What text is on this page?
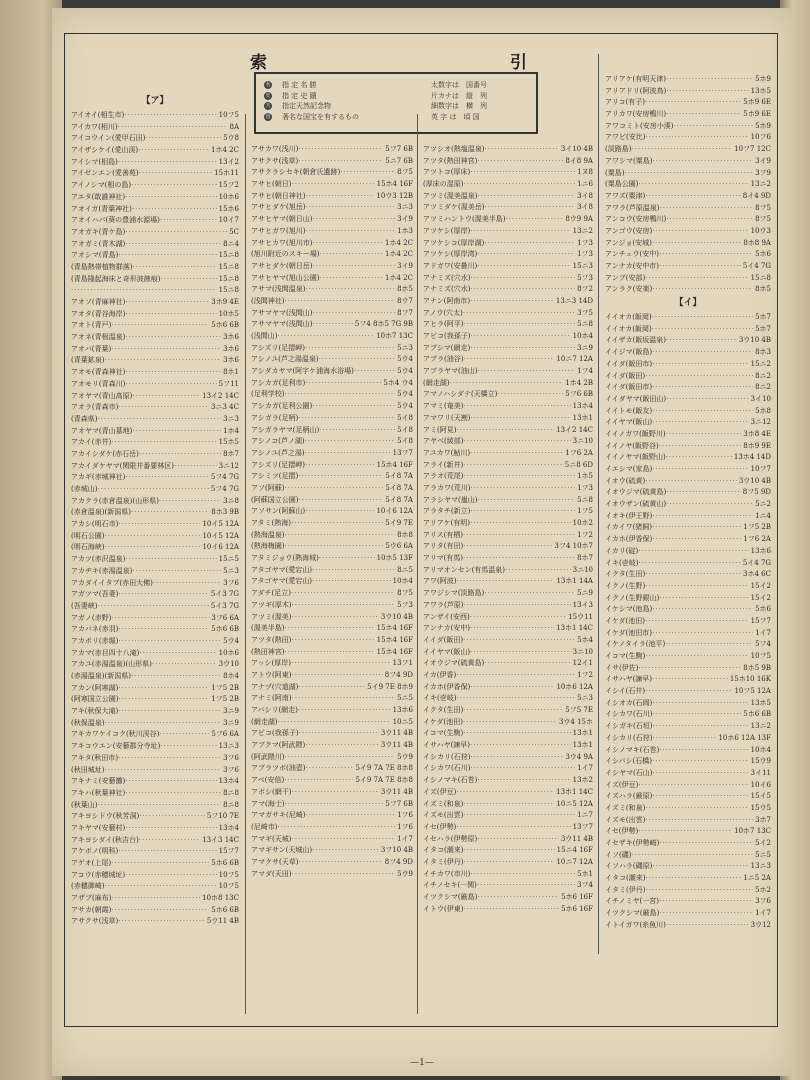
索	引
名 指 定 名 勝
史 指 定 史 蹟
天 指定天然記念物
国 著名な国宝を有するもの
太数字は　国番号
片カナは　縦　列
細数字は　横　列
英 字 は　頃 国
【ア】
アイオイ(相生市) ·····	10フ5
アイカワ(相川) ·····	8A
アイコウイン(愛甲石田) ·····	5ウ8
アイザシケイ(愛山渓) ·····	1ホ4 2C
アイシマ(相島) ·····	13イ2
アイゼンエン(愛善苑) ·····	15ホ11
アイノシマ(相の島) ·····	15フ2
アエタ(敢誰神社) ·····	10ホ6
アオイガ(青葉神社) ·····	15ホ6
アオイハバ(葵の豊浦水源場) ·····	10イ7
アオガキ(青ケ島) ·····	5C
アオガミ(青木湖) ·····	8ニ4
アオシマ(青島) ·····	15ニ8
(青島熱帯植物群落) ·····	15ニ8
(青島隆起海床と奇形波蝕痕) ·····	15ニ8
·····
15ニ8
アオソ(青麻神社) ·····	3ホ9 4E
アオタ(青谷海岸) ·····	10ホ5
アオト(青戸) ·····	5ホ6 6B
アオネ(青根温泉) ·····	3ホ6
アオバ(青葉) ·····	3ホ6
(青葉鉱泉) ·····	3ホ6
アオモ(青森神社) ·····	8ホ1
アオモリ(青森川) ·····	5フ11
アオヤマ(青山高原) ·····	13イ2 14C
アオラ(青森市) ·····	3ニ3 4C
(青森県) ·····	3ニ3
アオヤマ(青山墓地) ·····	1ホ4
アカイ(赤井) ·····	15ホ5
アカイシダケ(赤石岳) ·····	8ホ7
アカイダケヤマ(関限井番要林区) ·····	3ニ12
アカギ(赤城神社) ·····	5フ4 7G
(赤城山) ·····	5フ4 7G
アカクラ(赤倉温泉)(山形県) ·····	3ニ8
(赤倉温泉)(新潟県) ·····	8ホ3 9B
アカシ(明石市) ·····	10イ5 12A
(明石公園) ·····	10イ5 12A
(明石海峡) ·····	10イ6 12A
アカツ(赤沢温泉) ·····	15ニ5
アカヂキ(赤湯温泉) ·····	5ニ3
アカダイイタブ(赤田大佛) ·····	3フ6
アガツマ(吾妻) ·····	5イ3 7G
(吾妻峡) ·····	5イ3 7G
アガノ(赤野) ·····	3フ6 6A
アカバネ(赤羽) ·····	5ホ6 6B
アカボリ(赤堀) ·····	5ウ4
アカマ(赤目四十八滝) ·····	10ホ6
アカユ(赤湯温泉)(山形県) ·····	3ウ10
(赤湯温泉)(新潟県) ·····	8ホ4
アカン(阿寒湖) ·····	1フ5 2B
(阿寒国立公園) ·····	1フ5 2B
アキ(秋保大滝) ·····	3ニ9
(秋保温泉) ·····	3ニ9
アキカワケイコク(秋川渓谷) ·····	5フ6 6A
アキコウエン(安藝郡分寺址) ·····	13ニ3
アキタ(秋田市) ·····	3フ6
(秋田城址) ·····	3フ6
アキナミ(安藝灘) ·····	13ホ4
アキハ(秋葉神社) ·····	8ニ8
(秋葉山) ·····	8ニ8
アキヨシドウ(秋芳洞) ·····	5フ10 7E
アキヤマ(安藝村) ·····	13ホ4
アキヨシダイ(秋吉台) ·····	13イ3 14C
アケボノ(明科) ·····	15フ7
アゲオ(上尾) ·····	5ホ6 6B
アコウ(赤穂城址) ·····	10フ5
(赤穂御崎) ·····	10フ5
アザブ(麻布) ·····	10ホ8 13C
アサカ(朝霞) ·····	5ホ6 6B
アサクサ(浅草) ·····	5ウ11 4B
アサカワ(浅川) ·····	5フ7 6B
アサクサ(浅草) ·····	5ニ7 6B
アサクラシセキ(朝倉氏遺跡) ·····	8フ5
アサヒ(朝日) ·····	15ホ4 16F
アサヒ(朝日神社) ·····	10ウ3 12B
アサヒダケ(旭岳) ·····	3ニ3
アサヒヤマ(朝日山) ·····	3イ9
アサヒガワ(旭川) ·····	1ホ3
アサヒカワ(旭川市) ·····	1ホ4 2C
(旭川附近のスキー場) ·····	1ホ4 2C
アサヒダケ(朝日岳) ·····	3イ9
アサヒヤマ(旭山公園) ·····	1ホ4 2C
アサマ(浅間温泉) ·····	8ホ5
(浅間神社) ·····	8ウ7
アサマヤマ(浅間山) ·····	8フ7
アサマヤマ(浅間山) ·····	5フ4 8ホ5 7G 9B
(浅間山) ·····	10ホ7 13C
アシズリ(足摺岬) ·····	5ニ3
アシノユ(芦之湯温泉) ·····	5ウ4
アシダカヤマ(阿字ケ浦海水浴場) ·····	5ウ4
アシカガ(足利市) ·····	5ホ4 ウ4
(足利学校) ·····	5ウ4
アシカガ(足利公園) ·····	5ウ4
アシガラ(足柄) ·····	5イ8
アシガラヤマ(足柄山) ·····	5イ8
アシノコ(芦ノ湖) ·····	5イ8
アシノユ(芦之湯) ·····	13フ7
アシズリ(足摺岬) ·····	15ホ4 16F
アシミツ(足摺) ·····	5イ8 7A
アソ(阿蘇) ·····	5イ8 7A
(阿蘇国立公園) ·····	5イ8 7A
アソサン(阿蘇山) ·····	10イ6 12A
アタミ(熱海) ·····	5イ9 7E
(熱海温泉) ·····	8ホ8
(熱海梅園) ·····	5ウ6 6A
アタミジョウ(熱海城) ·····	10ホ5 13F
アタゴヤマ(愛宕山) ·····	8ニ5
アタゴヤマ(愛宕山) ·····	10ホ4
アダチ(足立) ·····	8フ5
アツギ(厚木) ·····	5フ3
アツミ(渥美) ·····	3ウ10 4B
(渥美半島) ·····	15ホ4 16F
アツタ(熱田) ·····	15ホ4 16F
(熱田神宮) ·····	15ホ4 16F
アッシ(厚岸) ·····	13フ1
アトウ(阿東) ·····	8フ4 9D
アナヅ(穴道湖) ·····	5イ9 7E 8ホ9
アナミ(阿南) ·····	5ニ5
アバシリ(網走) ·····	13ホ6
(網走湖) ·····	10ニ5
アビコ(我孫子) ·····	3ウ11 4B
アブクマ(阿武隈) ·····	3ウ11 4B
(阿武隈川) ·····	5ウ9
アブラツボ(油壺) ·····	5イ9 7A 7E 8ホ8
アベ(安倍) ·····	5イ9 7A 7E 8ホ8
アボシ(網干) ·····	3ウ11 4B
アマ(海士) ·····	5フ7 6B
アマガサキ(尼崎) ·····	1フ6
(尼崎市) ·····	1フ6
アマギ(天城) ·····	1イ7
アマギサン(天城山) ·····	3フ10 4B
アマクサ(天草) ·····	8フ4 9D
アマダ(天田) ·····	5ウ9
アツシオ(熱塩温泉) ·····	3イ10 4B
アツタ(熱田神宮) ·····	8イ8 9A
アツトコ(厚床) ·····	1ヌ8
(厚床の湿原) ·····	1ニ6
アツミ(渥美温泉) ·····	3イ8
アツミダケ(渥美岳) ·····	3イ8
アツミハントウ(渥美半島) ·····	8ウ9 9A
アツケシ(厚岸) ·····	13ニ2
アツケシコ(厚岸湖) ·····	1フ3
アツケシ(厚岸湾) ·····	1フ3
アドガワ(安曇川) ·····	15ニ3
アナミズ(穴水) ·····	5フ3
アナミズ(穴水) ·····	8フ2
アナン(阿南市) ·····	13ニ3 14D
アノウ(穴太) ·····	3フ5
アヒラ(阿平) ·····	5ニ8
アビコ(我孫子) ·····	10ホ4
アブシマ(網走) ·····	3ニ9
アブラ(油谷) ·····	10ニ7 12A
アブラヤマ(油山) ·····	1フ4
(網走湖) ·····	1ホ4 2B
アマノハシダテ(天橋立) ·····	5フ6 6B
アマミ(奄美) ·····	13ホ4
アマワリ(天割) ·····	13ホ1
アミ(阿見) ·····	13イ2 14C
アヤベ(綾部) ·····	3ニ10
アユカワ(鮎川) ·····	1フ6 2A
アライ(新井) ·····	5ニ8 6D
アラオ(荒尾) ·····	1ホ5
アラカワ(荒川) ·····	1フ3
アラシヤマ(嵐山) ·····	5ニ8
アラタチ(新立) ·····	1フ5
アリアケ(有明) ·····	10ホ2
アリス(有栖) ·····	1フ2
アリタ(有田) ·····	3フ4 10ホ7
アリマ(有馬) ·····	8ホ7
アリマオンセン(有馬温泉) ·····	3ニ10
アワ(阿波) ·····	13ホ1 14A
アワジシマ(淡路島) ·····	5ニ9
アワラ(芦原) ·····	13イ3
アンザイ(安西) ·····	15ウ11
アンナカ(安中) ·····	13ホ1 14C
イイダ(飯田) ·····	5ホ4
イイヤマ(飯山) ·····	3ニ10
イオウジマ(硫黄島) ·····	12イ1
イカ(伊香) ·····	1フ2
イカホ(伊香保) ·····	10ホ6 12A
イキ(壱岐) ·····	5ニ3
イクタ(生田) ·····	5フ5 7E
イケダ(池田) ·····	3ウ4 15ホ
イコマ(生駒) ·····	13ホ1
イサハヤ(諫早) ·····	13ホ1
イシカリ(石狩) ·····	3ウ4 9A
イシカワ(石川) ·····	1イ7
イシノマキ(石巻) ·····	13ホ2
イズ(伊豆) ·····	13ホ1 14C
イズミ(和泉) ·····	10ニ5 12A
イズモ(出雲) ·····	1ニ7
イセ(伊勢) ·····	13フ7
イセハラ(伊勢原) ·····	3ウ11 4B
イタコ(潮来) ·····	15ニ4 16F
イタミ(伊丹) ·····	10ニ7 12A
イチカワ(市川) ·····	5ホ1
イチノセキ(一関) ·····	3フ4
イツクシマ(厳島) ·····	5ホ6 16F
イトウ(伊東) ·····	5ホ6 16F
アリアケ(有明天津) ·····	5ホ9
アリアドリ(阿波鳥) ·····	13ホ5
アリコ(有子) ·····	5ホ9 6E
アリカワ(安房鴨川) ·····	5ホ9 6E
アワコミト(安房小湊) ·····	5ホ9
アワビ(安比) ·····	10フ6
(淡路島) ·····	10フ7 12C
アワシマ(粟島) ·····	3イ9
(粟島) ·····	3フ9
(粟島公園) ·····	13ニ2
アワズ(粟津) ·····	8イ4 9D
アワラ(芦原温泉) ·····	8フ5
アンコウ(安房鴨川) ·····	8フ5
アンゴウ(安房) ·····	10ウ3
アンジョ(安城) ·····	8ホ8 9A
アンチュウ(安中) ·····	5ホ6
アンナカ(安中市) ·····	5イ4 7G
アンブ(安部) ·····	15ニ8
アンラク(安楽) ·····	8ホ5
【イ】
イイオカ(飯岡) ·····	5ホ7
イイオカ(飯岡) ·····	5ホ7
イイザカ(飯坂温泉) ·····	3ウ10 4B
イイジマ(飯島) ·····	8ホ3
イイダ(飯田市) ·····	15ニ2
イイダ(飯田) ·····	8ニ2
イイダ(飯田市) ·····	8ニ2
イイダヤマ(飯田山) ·····	3イ10
イイトモ(飯友) ·····	5ホ8
イイヤマ(飯山) ·····	3ニ12
イイノガワ(飯野川) ·····	3ホ8 4E
イイノヤ(飯野谷) ·····	8ホ9 9E
イイノヤマ(飯野山) ·····	13ホ4 14D
イエシマ(家島) ·····	10フ7
イオウ(硫黄) ·····	3ウ10 4B
イオウジマ(硫黄島) ·····	8フ5 9D
イオウザン(硫黄山) ·····	5ニ2
イオキ(伊王野) ·····	1ニ4
イカイワ(猪飼) ·····	1フ5 2B
イカホ(伊香保) ·····	1フ6 2A
イカリ(碇) ·····	13ホ6
イキ(壱岐) ·····	5イ4 7G
イクタ(生田) ·····	3ホ4 6C
イクノ(生野) ·····	15イ2
イクノ(生野銀山) ·····	15イ2
イケシマ(池島) ·····	5ホ6
イケダ(池田) ·····	15フ7
イケダ(池田市) ·····	1イ7
イケノタイラ(池平) ·····	5フ4
イコマ(生駒) ·····	10フ5
イサ(伊佐) ·····	8ホ5 9B
イサハヤ(諫早) ·····	15ホ10 16K
イシイ(石井) ·····	10フ5 12A
イシオカ(石岡) ·····	13ホ5
イシカワ(石川) ·····	5ホ6 6B
イシガキ(石垣) ·····	13ニ2
イシカリ(石狩) ·····	10ホ6 12A 13F
イシノマキ(石巻) ·····	10ホ4
イシバシ(石橋) ·····	15ウ9
イシヤマ(石山) ·····	3イ11
イズ(伊豆) ·····	10イ6
イズハラ(厳原) ·····	15イ5
イズミ(和泉) ·····	15ウ5
イズモ(出雲) ·····	3ホ7
イセ(伊勢) ·····	10ホ7 13C
イセザキ(伊勢崎) ·····	5イ2
イソ(磯) ·····	5ニ5
イソハラ(磯原) ·····	13ニ3
イタコ(潮来) ·····	1ニ5 2A
イタミ(伊丹) ·····	5ホ2
イチノミヤ(一宮) ·····	3フ6
イツクシマ(厳島) ·····	1イ7
イトイガワ(糸魚川) ·····	3ウ12
—1—
